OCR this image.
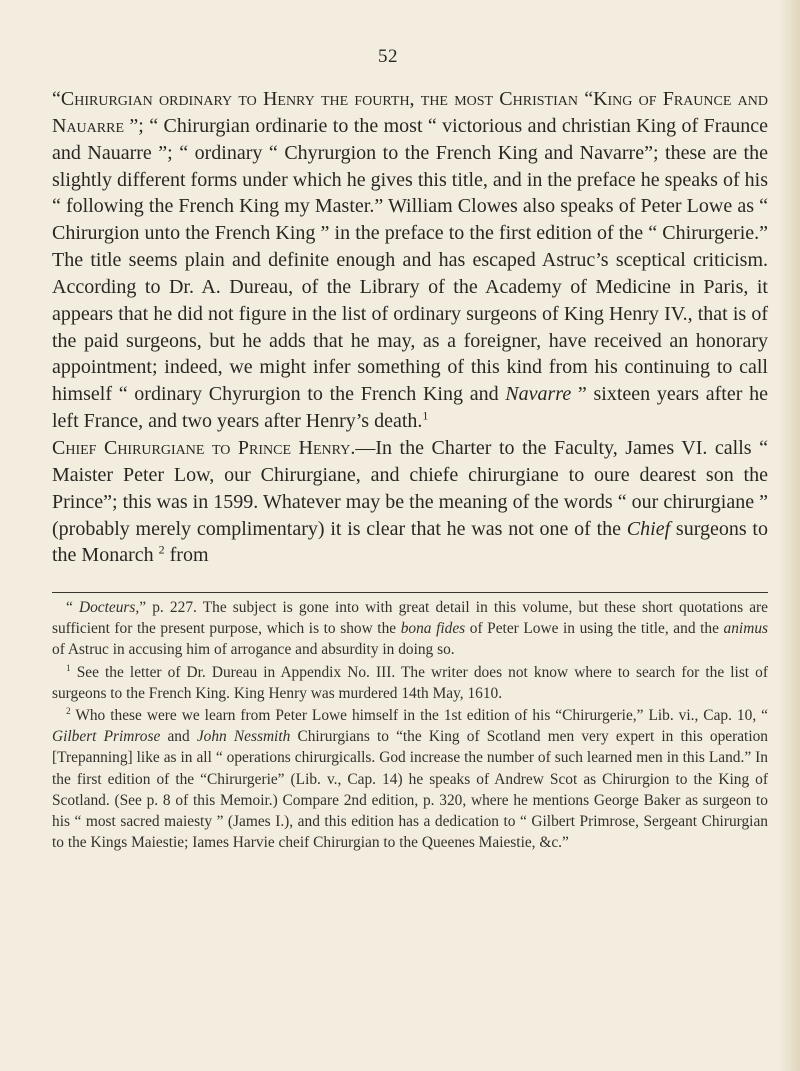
52

“Chirurgian ordinary to Henry the fourth, the most Christian “King of Fraunce and Nauarre ”; “ Chirurgian ordinarie to the most “ victorious and christian King of Fraunce and Nauarre ”; “ ordinary “ Chyrurgion to the French King and Navarre”; these are the slightly different forms under which he gives this title, and in the preface he speaks of his “ following the French King my Master.” William Clowes also speaks of Peter Lowe as “ Chirurgion unto the French King ” in the preface to the first edition of the “ Chirurgerie.” The title seems plain and definite enough and has escaped Astruc’s sceptical criticism. According to Dr. A. Dureau, of the Library of the Academy of Medicine in Paris, it appears that he did not figure in the list of ordinary surgeons of King Henry IV., that is of the paid surgeons, but he adds that he may, as a foreigner, have received an honorary appointment; indeed, we might infer something of this kind from his continuing to call himself “ ordinary Chyrurgion to the French King and Navarre ” sixteen years after he left France, and two years after Henry’s death.$^1$

Chief Chirurgiane to Prince Henry.—In the Charter to the Faculty, James VI. calls “ Maister Peter Low, our Chirurgiane, and chiefe chirurgiane to oure dearest son the Prince”; this was in 1599. Whatever may be the meaning of the words “ our chirurgiane ” (probably merely complimentary) it is clear that he was not one of the Chief surgeons to the Monarch $^2$ from

“ Docteurs,” p. 227. The subject is gone into with great detail in this volume, but these short quotations are sufficient for the present purpose, which is to show the bona fides of Peter Lowe in using the title, and the animus of Astruc in accusing him of arrogance and absurdity in doing so.

$^1$ See the letter of Dr. Dureau in Appendix No. III. The writer does not know where to search for the list of surgeons to the French King. King Henry was murdered 14th May, 1610.

$^2$ Who these were we learn from Peter Lowe himself in the 1st edition of his “Chirurgerie,” Lib. vi., Cap. 10, “ Gilbert Primrose and John Nessmith Chirurgians to “the King of Scotland men very expert in this operation [Trepanning] like as in all “ operations chirurgicalls. God increase the number of such learned men in this Land.” In the first edition of the “Chirurgerie” (Lib. v., Cap. 14) he speaks of Andrew Scot as Chirurgion to the King of Scotland. (See p. 8 of this Memoir.) Compare 2nd edition, p. 320, where he mentions George Baker as surgeon to his “ most sacred maiesty ” (James I.), and this edition has a dedication to “ Gilbert Primrose, Sergeant Chirurgian to the Kings Maiestie; Iames Harvie cheif Chirurgian to the Queenes Maiestie, &c.”
